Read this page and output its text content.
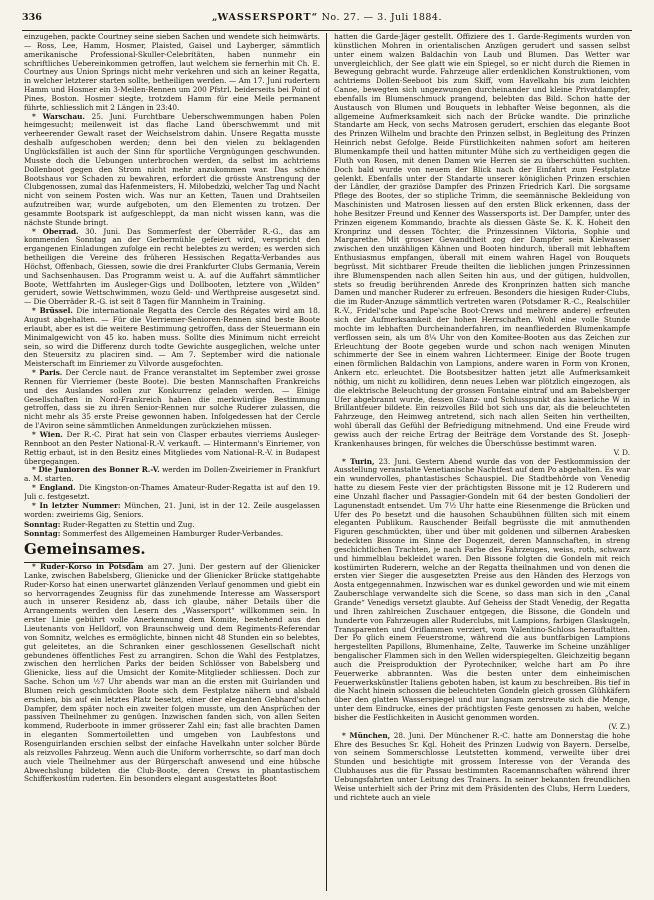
336	„WASSERSPORT“ No. 27. — 3. Juli 1884.

einzugehen, packte Courtney seine sieben Sachen und wendete sich heimwärts. — Ross, Lee, Hamm, Hosmer, Plaisted, Gaisel und Layberger, sämmtlich amerikanische Professional-Skuller-Celebritäten, haben nunmehr ein schriftliches Uebereinkommen getroffen, laut welchem sie fernerhin mit Ch. E. Courtney aus Union Springs nicht mehr verkehren und sich an keiner Regatta, in welcher letzterer starten sollte, betheiligen werden. — Am 17. Juni rudertern Hamm und Hosmer ein 3-Meilen-Rennen um 200 Pfstrl. beiderseits bei Point of Pines, Boston. Hosmer siegte, trotzdem Hamm für eine Meile permanent führte, schliesslich mit 2 Längen in 23:40.

* Warschau. 25. Juni. Furchtbare Ueberschwemmungen haben Polen heimgesucht; meilenweit ist das flache Land überschwemmt und mit verheerender Gewalt raset der Weichselstrom dahin. Unsere Regatta musste deshalb aufgeschoben werden; denn bei den vielen zu beklagenden Unglücksfällen ist auch der Sinn für sportliche Vergnügungen geschwunden. Musste doch die Uebungen unterbrochen werden, da selbst im achtriems Dollenboot gegen den Strom nicht mehr anzukommen war. Das schöne Bootshaus vor Schaden zu bewahren, erfordert die grösste Anstrengung der Clubgenossen, zumal das Hafenmeisters, H. Miłobedzki, welcher Tag und Nacht nicht von seinem Posten wich. Was nur an Ketten, Tauen und Drahtseilen aufzutreiben war, wurde aufgeboten, um den Elementen zu trotzen. Der gesammte Bootspark ist aufgeschleppt, da man nicht wissen kann, was die nächste Stunde bringt.

* Oberrad. 30. Juni. Das Sommerfest der Oberräder R.-G., das am kommenden Sonntag an der Gerbermühle gefeiert wird, verspricht den ergangenen Einladungen zufolge ein recht belebtes zu werden; es werden sich betheiligen die Vereine des früheren Hessischen Regatta-Verbandes aus Höchst, Offenbach, Giessen, sowie die drei Frankfurter Clubs Germania, Verein und Sachsenhausen. Das Programm weist u. A. auf die Auffahrt sämmtlicher Boote, Wettfahrten im Ausleger-Gigs und Dollbooten, letztere von „Wilden“ gerudert, sowie Wettschwimmen, wozu Geld- und Werthpreise ausgesetzt sind. — Die Oberräder R.-G. ist seit 8 Tagen für Mannheim in Training.

* Brüssel. Die internationale Regatta des Cercle des Régates wird am 18. August abgehalten. — Für die Vierriemer-Senioren-Rennen sind beste Boote erlaubt, aber es ist die weitere Bestimmung getroffen, dass der Steuermann ein Minimalgewicht von 45 ko. haben muss. Sollte dies Minimum nicht erreicht sein, so wird die Differenz durch todte Gewichte ausgeglichen, welche unter den Steuersitz zu placiren sind. — Am 7. September wird die nationale Meisterschaft im Einriemer zu Vilvorde ausgefochten.

* Paris. Der Cercle naut. de France veranstaltet im September zwei grosse Rennen für Vierriemer (beste Boote). Die besten Mannschaften Frankreichs und des Auslandes sollen zur Konkurrenz geladen werden. — Einige Gesellschaften in Nord-Frankreich haben die merkwürdige Bestimmung getroffen, dass sie zu ihren Senior-Rennen nur solche Ruderer zulassen, die nicht mehr als 35 erste Preise gewonnen haben. Infolgedessen hat der Cercle de l'Aviron seine sämmtlichen Anmeldungen zurückziehen müssen.

* Wien. Der R.-C. Pirat hat sein von Clasper erbautes vierriems Ausleger-Rennboot an den Pester National-R.-V. verkauft. — Hintermann's Einriemer, von Rettig erbaut, ist in den Besitz eines Mitgliedes vom National-R.-V. in Budapest übergegangen.

* Die Junioren des Bonner R.-V. werden im Dollen-Zweiriemer in Frankfurt a. M. starten.

* England. Die Kingston-on-Thames Amateur-Ruder-Regatta ist auf den 19. Juli c. festgesetzt.

* In letzter Nummer: München, 21. Juni, ist in der 12. Zeile ausgelassen worden: zweiriems Gig, Seniors.

Sonntag: Ruder-Regatten zu Stettin und Zug.
Sonntag: Sommerfest des Allgemeinen Hamburger Ruder-Verbandes.
Gemeinsames.

* Ruder-Korso in Potsdam am 27. Juni. Der gestern auf der Glienicker Lanke, zwischen Babelsberg, Glienicke und der Glienicker Brücke stattgehabte Ruder-Korso hat einen unerwartet glänzenden Verlauf genommen und giebt ein so hervorragendes Zeugniss für das zunehmende Interesse am Wassersport auch in unserer Residenz ab, dass ich glaube, näher Details über die Arrangements werden den Lesern des „Wassersport“ willkommen sein. In erster Linie gebührt volle Anerkennung dem Komite, bestehend aus den Lieutenants von Helldorf, von Braunschweig und dem Regiments-Referendar von Somnitz, welches es ermöglichte, binnen nicht 48 Stunden ein so belebtes, gut geleitetes, an die Schranken einer geschlossenen Gesellschaft nicht gebundenes öffentliches Fest zu arrangiren. Schon die Wahl des Festplatzes, zwischen den herrlichen Parks der beiden Schlösser von Babelsberg und Glienicke, liess auf die Umsicht der Komite-Mitglieder schliessen. Doch zur Sache. Schon um ½7 Uhr abends war man an die ersten mit Guirlanden und Blumen reich geschmückten Boote sich dem Festplatze nähern und alsbald erschien, bis auf ein letztes Platz besetzt, einer der eleganten Gebhard'schen Dampfer, dem später noch ein zweiter folgen musste, um den Ansprüchen der passiven Theilnehmer zu genügen. Inzwischen fanden sich, von allen Seiten kommend, Ruderboote in immer grösserer Zahl ein; fast alle brachten Damen in eleganten Sommertoiletten und umgeben von Laubfestons und Rosenguirlanden erschien selbst der einfache Havelkahn unter solcher Bürde als reizvolles Fahrzeug. Wenn auch die Uniform vorherrschte, so darf man doch auch viele Theilnehmer aus der Bürgerschaft anwesend und eine hübsche Abwechslung bildeten die Club-Boote, deren Crews in phantastischem Schifferkostüm ruderten. Ein besonders elegant ausgestattetes Boot

hatten die Garde-Jäger gestellt. Offiziere des 1. Garde-Regiments wurden von künstlichen Mohren in orientalischen Anzügen gerudert und sassen selbst unter einem walzen Baldachin von Laub und Blumen. Das Wetter war unvergleichlich, der See glatt wie ein Spiegel, so er nicht durch die Riemen in Bewegung gebracht wurde. Fahrzeuge aller erdenklichen Konstruktionen, vom achtriems Dollen-Seeboot bis zum Skiff, vom Havelkahn bis zum leichten Canoe, bewegten sich ungezwungen durcheinander und kleine Privatdampfer, ebenfalls im Blumenschmuck prangend, belebten das Bild. Schon hatte der Austausch von Blumen und Bouquets in lebhafter Weise begonnen, als die allgemeine Aufmerksamkeit sich nach der Brücke wandte. Die prinzliche Standarte am Heck, von sechs Matrosen gerudert, erschien das elegante Boot des Prinzen Wilhelm und brachte den Prinzen selbst, in Begleitung des Prinzen Heinrich nebst Gefolge. Beide Fürstlichkeiten nahmen sofort am heiteren Blumenkampfe theil und hatten mitunter Mühe sich zu vertheidigen gegen die Fluth von Rosen, mit denen Damen wie Herren sie zu überschütten suchten. Doch bald wurde von neuem der Blick nach der Einfahrt zum Festplatze gelenkt. Ebenfalls unter der Standarte unserer königlichen Prinzen erschien der Ländler, der graziöse Dampfer des Prinzen Friedrich Karl. Die sorgsame Pflege des Bootes, der so stipliche Trimm, die seemännische Bekleidung von Maschinisten und Matrosen liessen auf den ersten Blick erkennen, dass der hohe Besitzer Freund und Kenner des Wassersports ist. Der Dampfer, unter des Prinzen eigenem Kommando, brachte als diessen Gäste Se. K. K. Hoheit den Kronprinz und dessen Töchter, die Prinzessinnen Viktoria, Sophie und Margarethe. Mit grosser Gewandtheit zog der Dampfer sein Kielwasser zwischen den unzähligen Kähnen und Booten hindurch, überall mit lebhaftem Enthusiasmus empfangen, überall mit einem wahren Hagel von Bouquets begrüsst. Mit sichtbarer Freude theilten die lieblichen jungen Prinzessinnen ihre Blumenspenden nach allen Seiten hin aus, und der gütigen, huldvollen, stets so freudig berührenden Anrede des Kronprinzen hatten sich manche Damen und mancher Ruderer zu erfreuen. Besonders die hiesigen Ruder-Clubs, die im Ruder-Anzuge sämmtlich vertreten waren (Potsdamer R.-C., Realschüler R.-V., Fridel'sche und Pape'sche Boot-Crews und mehrere andere) erfreuten sich der Aufmerksamkeit der hohen Herrschaften. Wohl eine volle Stunde mochte im lebhaften Durcheinanderfahren, im neanfliederden Blumenkampfe verflossen sein, als um 8¼ Uhr von den Komitee-Booten aus das Zeichen zur Erleuchtung der Boote gegeben wurde und schon nach wenigen Minuten schimmerte der See in einem wahren Lichtermeer. Einige der Boote trugen einen förmlichen Baldachin von Lampions, andere waren in Form von Kronen, Ankern etc. erleuchtet. Die Bootsbesitzer hatten jetzt alle Aufmerksamkeit nöthig, um nicht zu kollidiren, denn neues Leben war plötzlich eingezogen, als die elektrische Beleuchtung der grossen Fontaine eintraf und am Babelsberger Ufer abgebrannt wurde, dessen Glanz- und Schlusspunkt das kaiserliche W in Brillantfeuer bildete. Ein reizvolles Bild bot sich uns dar, als die beleuchteten Fahrzeuge, den Heimweg antretend, sich nach allen Seiten hin vertheilten, wohl überall das Gefühl der Befriedigung mitnehmend. Und eine Freude wird gewiss auch der reiche Ertrag der Beiträge dem Vorstande des St. Joseph-Krankenhauses bringen, für welches die Überschüsse bestimmt waren.

V. D.

* Turin, 23. Juni. Gestern Abend wurde das von der Festkommission der Ausstellung veranstalte Venetianische Nachtfest auf dem Po abgehalten. Es war ein wundervolles, phantastisches Schauspiel. Die Stadtbehörde von Venedig hatte zu diesem Feste vier der prächtigsten Bissone mit je 12 Ruderern und eine Unzahl flacher und Passagier-Gondeln mit 64 der besten Gondolieri der Lagunenstadt entsendet. Um 7½ Uhr hatte eine Riesenmenge die Brücken und Ufer des Po besetzt und die hausohen Schaubühnen füllten sich mit einem eleganten Publikum. Rauschender Beifall begrüsste die mit anmuthenden Figuren geschmückten, über und über mit goldenen und silbernen Arabesken bedeckten Bissone im Sinne der Dogenzeit, deren Mannschaften, in streng geschichtlichen Trachten, je nach Farbe des Fahrzeuges, weiss, roth, schwarz und himmelblau bekleidet waren. Den Bissone folgten die Gondeln mit reich kostümirten Ruderern, welche an der Regatta theilnahmen und von denen die ersten vier Sieger die ausgesetzten Preise aus den Händen des Herzogs von Aosta entgegennahmen. Inzwischen war es dunkel geworden und wie mit einem Zauberschlage verwandelte sich die Scene, so dass man sich in den „Canal Grande“ Venedigs versetzt glaubte. Auf Geheiss der Stadt Venedig, der Regatta und Ihren zahlreichen Zuschauer entgegen, die Bissone, die Gondeln und hunderte von Fahrzeugen aller Ruderclubs, mit Lampions, farbigen Glaskugeln, Transparenten und Oriflammen verziert, vom Valentino-Schloss herauftaltten. Der Po glich einem Feuerstrome, während die aus buntfarbigen Lampions hergestellten Papillons, Blumenhaine, Zelte, Tauwerke im Scheine unzähliger bengalischer Flammen sich in den Wellen widerspiegelten. Gleichzeitig begann auch die Preisproduktion der Pyrotechniker, welche hart am Po ihre Feuerwerke abbrannten. Was die besten unter dem einheimischen Feuerwerkskünstler Italiens geboten haben, ist kaum zu beschreiben. Bis tief in die Nacht hinein schossen die beleuchteten Gondeln gleich grossen Glühkäfern über den glatten Wasserspiegel und nur langsam zerstreute sich die Menge, unter dem Eindrucke, eines der prächtigsten Feste genossen zu haben, welche bisher die Festlichkeiten in Ausicht genommen worden.

(V. Z.)

* München, 28. Juni. Der Münchener R.-C. hatte am Donnerstag die hohe Ehre des Besuches Sr. Kgl. Hoheit des Prinzen Ludwig von Bayern. Derselbe, von seinem Sommerschlosse Leutstetten kommend, verweilte über drei Stunden und besichtigte mit grossem Interesse von der Veranda des Clubhauses aus die für Passau bestimmten Racemannschaften während ihrer Uebungsfahrten unter Leitung des Trainers. In seiner bekannten freundlichen Weise unterhielt sich der Prinz mit dem Präsidenten des Clubs, Herrn Lueders, und richtete auch an viele
